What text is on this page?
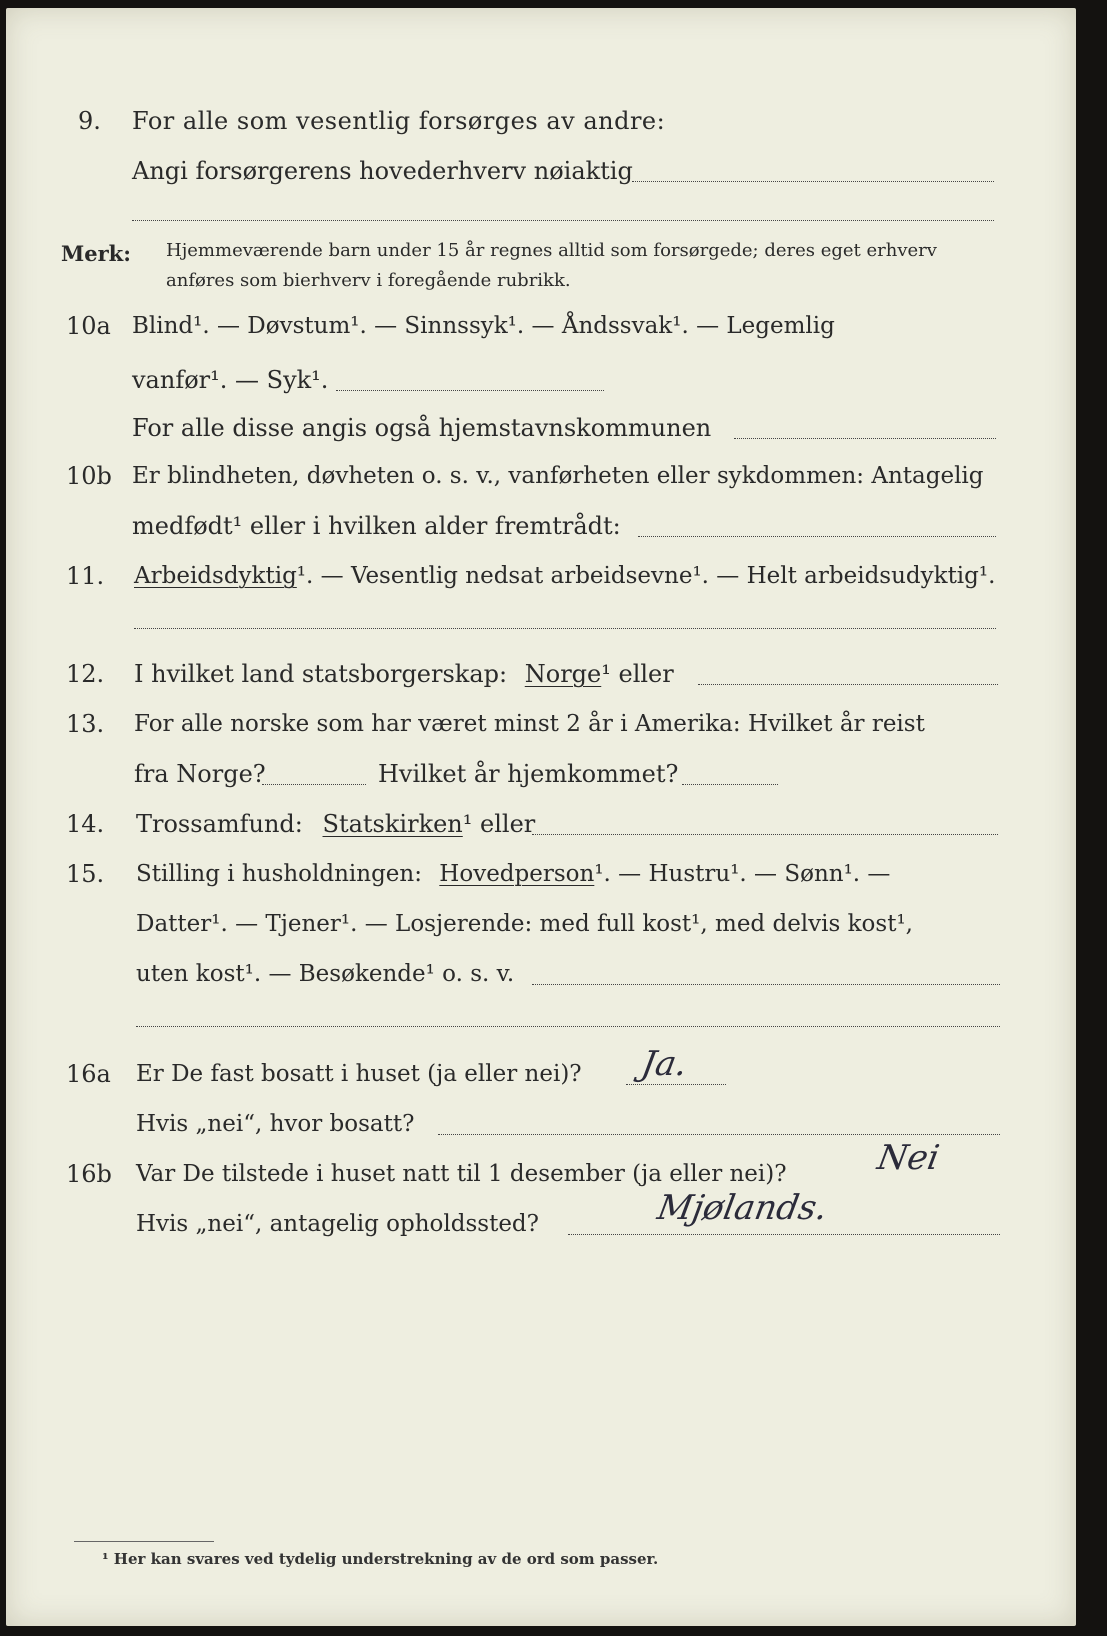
9. For alle som vesentlig forsørges av andre:
Angi forsørgerens hovederhverv nøiaktig
Merk: Hjemmeværende barn under 15 år regnes alltid som forsørgede; deres eget erhverv
anføres som bierhverv i foregående rubrikk.
10a Blind¹. — Døvstum¹. — Sinnssyk¹. — Åndssvak¹. — Legemlig
vanfør¹. — Syk¹.
For alle disse angis også hjemstavnskommunen
10b Er blindheten, døvheten o. s. v., vanførheten eller sykdommen: Antagelig
medfødt¹ eller i hvilken alder fremtrådt:
11. Arbeidsdyktig¹. — Vesentlig nedsat arbeidsevne¹. — Helt arbeidsudyktig¹.
12. I hvilket land statsborgerskap: Norge¹ eller
13. For alle norske som har været minst 2 år i Amerika: Hvilket år reist
fra Norge?	Hvilket år hjemkommet?
14. Trossamfund: Statskirken¹ eller
15. Stilling i husholdningen: Hovedperson¹. — Hustru¹. — Sønn¹. —
Datter¹. — Tjener¹. — Losjerende: med full kost¹, med delvis kost¹,
uten kost¹. — Besøkende¹ o. s. v.
16a Er De fast bosatt i huset (ja eller nei)? Ja.
Hvis „nei“, hvor bosatt?
16b Var De tilstede i huset natt til 1 desember (ja eller nei)?	Nei
Hvis „nei“, antagelig opholdssted?	Mjølands.
¹ Her kan svares ved tydelig understrekning av de ord som passer.
